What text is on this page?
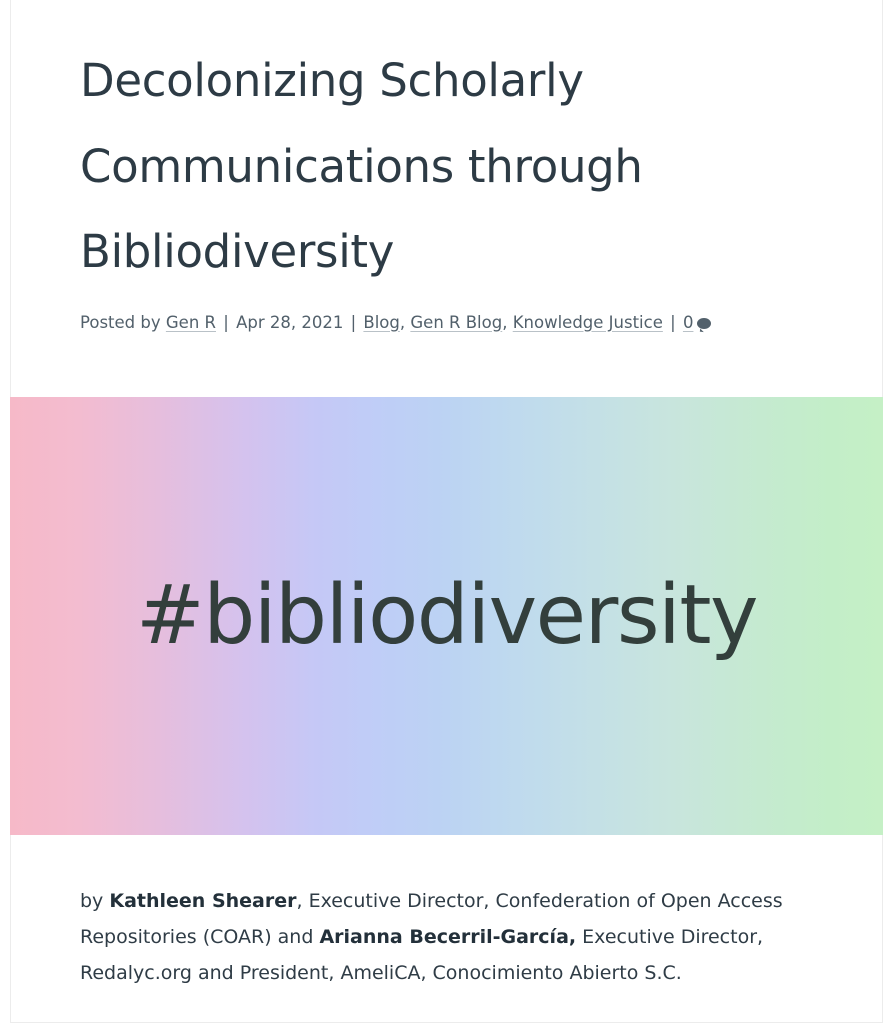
Decolonizing Scholarly Communications through Bibliodiversity
Posted by Gen R | Apr 28, 2021 | Blog, Gen R Blog, Knowledge Justice | 0
#bibliodiversity

by Kathleen Shearer, Executive Director, Confederation of Open Access Repositories (COAR) and Arianna Becerril-García, Executive Director, Redalyc.org and President, AmeliCA, Conocimiento Abierto S.C.
